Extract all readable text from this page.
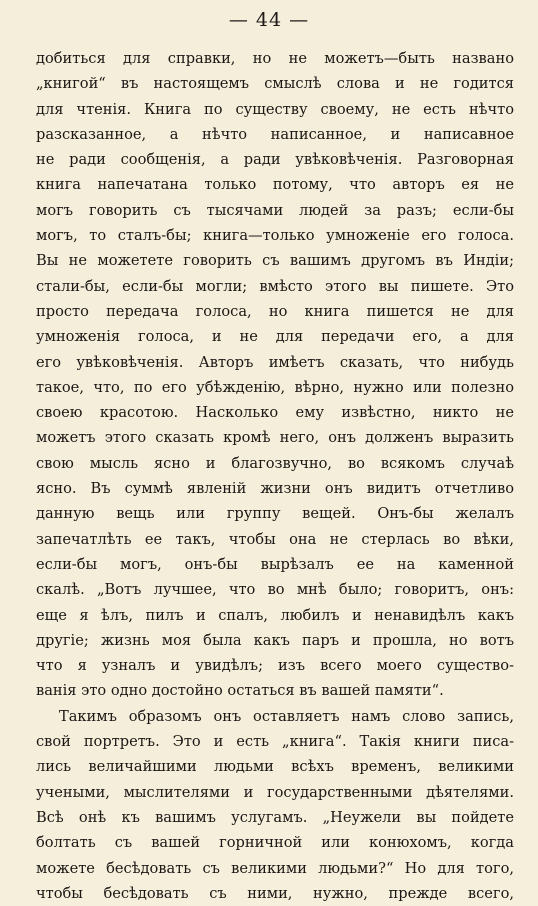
— 44 —
добиться для справки, но не можетъ—быть названо
„книгой“ въ настоящемъ смыслѣ слова и не годится
для чтенія. Книга по существу своему, не есть нѣчто
разсказанное, а нѣчто написанное, и написавное
не ради сообщенія, а ради увѣковѣченія. Разговорная
книга напечатана только потому, что авторъ ея не
могъ говорить съ тысячами людей за разъ; если-бы
могъ, то сталъ-бы; книга—только умноженіе его голоса.
Вы не можетете говорить съ вашимъ другомъ въ Индіи;
стали-бы, если-бы могли; вмѣсто этого вы пишете. Это
просто передача голоса, но книга пишется не для
умноженія голоса, и не для передачи его, а для
его увѣковѣченія. Авторъ имѣетъ сказать, что нибудь
такое, что, по его убѣжденію, вѣрно, нужно или полезно
своею красотою. Насколько ему извѣстно, никто не
можетъ этого сказать кромѣ него, онъ долженъ выразить
свою мысль ясно и благозвучно, во всякомъ случаѣ
ясно. Въ суммѣ явленій жизни онъ видитъ отчетливо
данную вещь или группу вещей. Онъ-бы желалъ
запечатлѣть ее такъ, чтобы она не стерлась во вѣки,
если-бы могъ, онъ-бы вырѣзалъ ее на каменной
скалѣ. „Вотъ лучшее, что во мнѣ было; говоритъ, онъ:
еще я ѣлъ, пилъ и спалъ, любилъ и ненавидѣлъ какъ
другіе; жизнь моя была какъ паръ и прошла, но вотъ
что я узналъ и увидѣлъ; изъ всего моего существо-
ванія это одно достойно остаться въ вашей памяти“.
Такимъ образомъ онъ оставляетъ намъ слово запись,
свой портретъ. Это и есть „книга“. Такія книги писа-
лись величайшими людьми всѣхъ временъ, великими
учеными, мыслителями и государственными дѣятелями.
Всѣ онѣ къ вашимъ услугамъ. „Неужели вы пойдете
болтать съ вашей горничной или конюхомъ, когда
можете бесѣдовать съ великими людьми?“ Но для того,
чтобы бесѣдовать съ ними, нужно, прежде всего,
